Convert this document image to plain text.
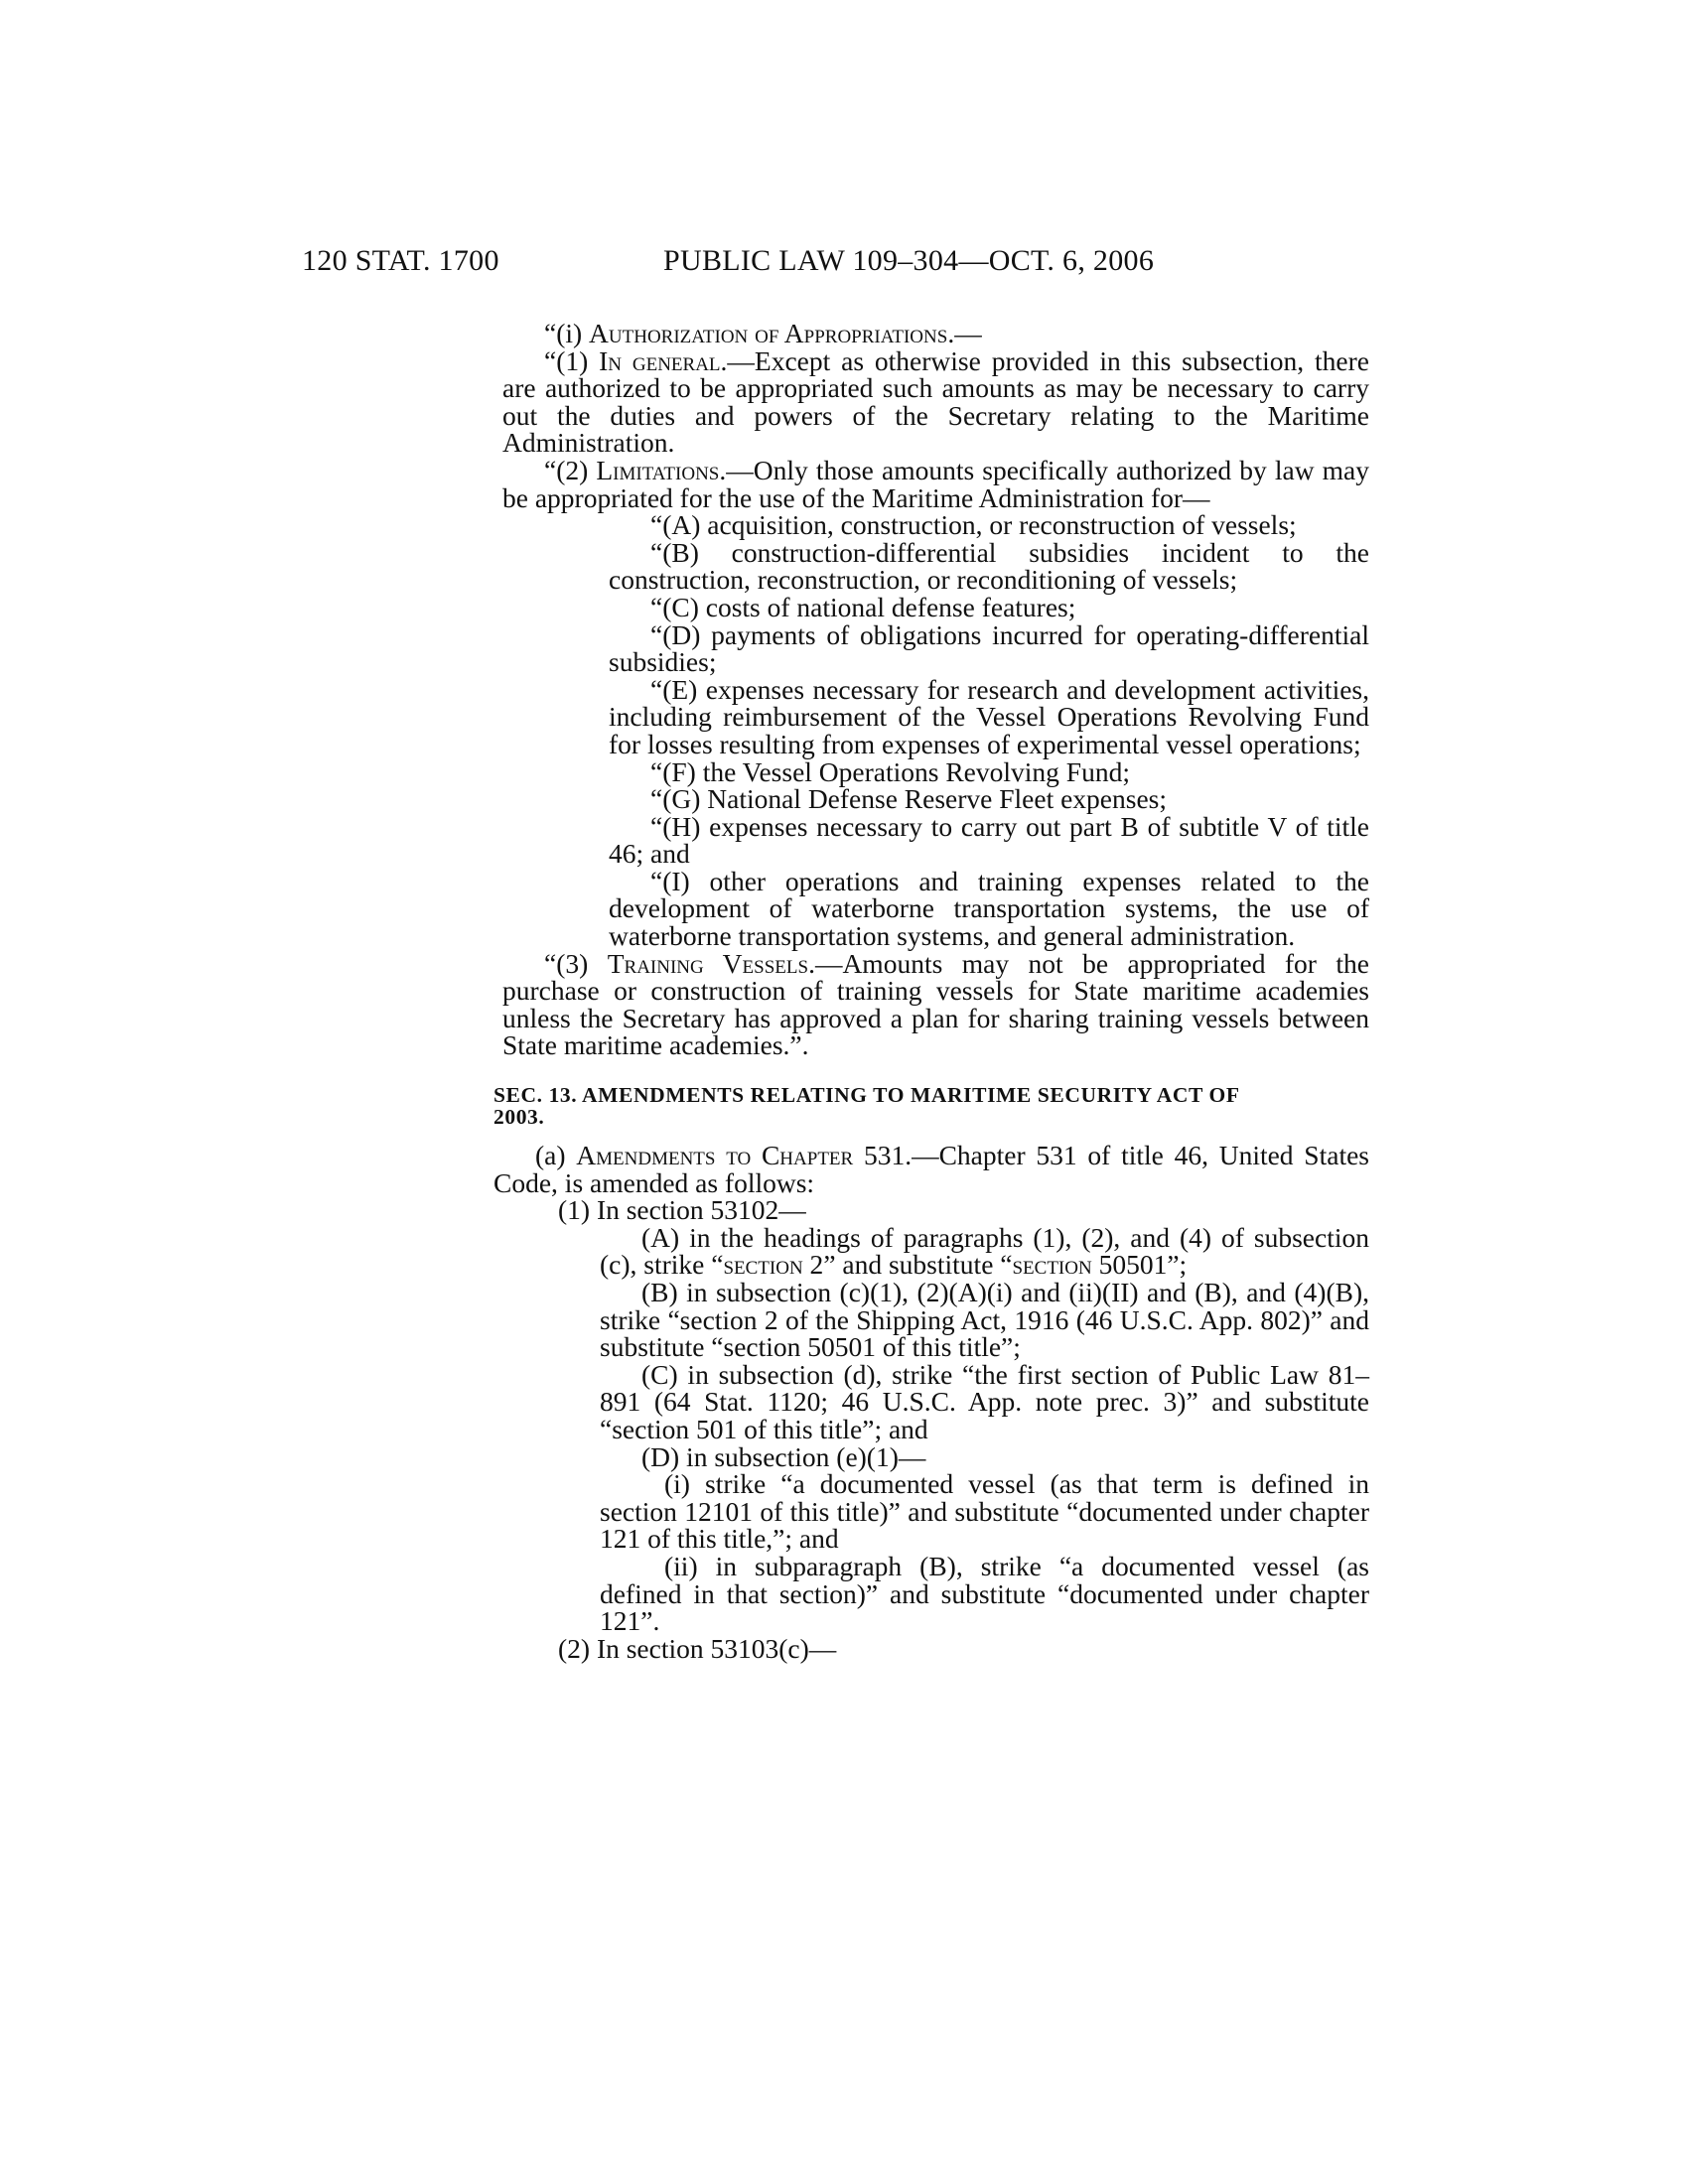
120 STAT. 1700	PUBLIC LAW 109–304—OCT. 6, 2006

“(i) Authorization of Appropriations.—

“(1) In general.—Except as otherwise provided in this subsection, there are authorized to be appropriated such amounts as may be necessary to carry out the duties and powers of the Secretary relating to the Maritime Administration.

“(2) Limitations.—Only those amounts specifically authorized by law may be appropriated for the use of the Maritime Administration for—

“(A) acquisition, construction, or reconstruction of vessels;

“(B) construction-differential subsidies incident to the construction, reconstruction, or reconditioning of vessels;

“(C) costs of national defense features;

“(D) payments of obligations incurred for operating-differential subsidies;

“(E) expenses necessary for research and development activities, including reimbursement of the Vessel Operations Revolving Fund for losses resulting from expenses of experimental vessel operations;

“(F) the Vessel Operations Revolving Fund;

“(G) National Defense Reserve Fleet expenses;

“(H) expenses necessary to carry out part B of subtitle V of title 46; and

“(I) other operations and training expenses related to the development of waterborne transportation systems, the use of waterborne transportation systems, and general administration.

“(3) Training Vessels.—Amounts may not be appropriated for the purchase or construction of training vessels for State maritime academies unless the Secretary has approved a plan for sharing training vessels between State maritime academies.”.

SEC. 13. AMENDMENTS RELATING TO MARITIME SECURITY ACT OF
2003.

(a) Amendments to Chapter 531.—Chapter 531 of title 46, United States Code, is amended as follows:

(1) In section 53102—

(A) in the headings of paragraphs (1), (2), and (4) of subsection (c), strike “section 2” and substitute “section 50501”;

(B) in subsection (c)(1), (2)(A)(i) and (ii)(II) and (B), and (4)(B), strike “section 2 of the Shipping Act, 1916 (46 U.S.C. App. 802)” and substitute “section 50501 of this title”;

(C) in subsection (d), strike “the first section of Public Law 81–891 (64 Stat. 1120; 46 U.S.C. App. note prec. 3)” and substitute “section 501 of this title”; and

(D) in subsection (e)(1)—

(i) strike “a documented vessel (as that term is defined in section 12101 of this title)” and substitute “documented under chapter 121 of this title,”; and

(ii) in subparagraph (B), strike “a documented vessel (as defined in that section)” and substitute “documented under chapter 121”.

(2) In section 53103(c)—
